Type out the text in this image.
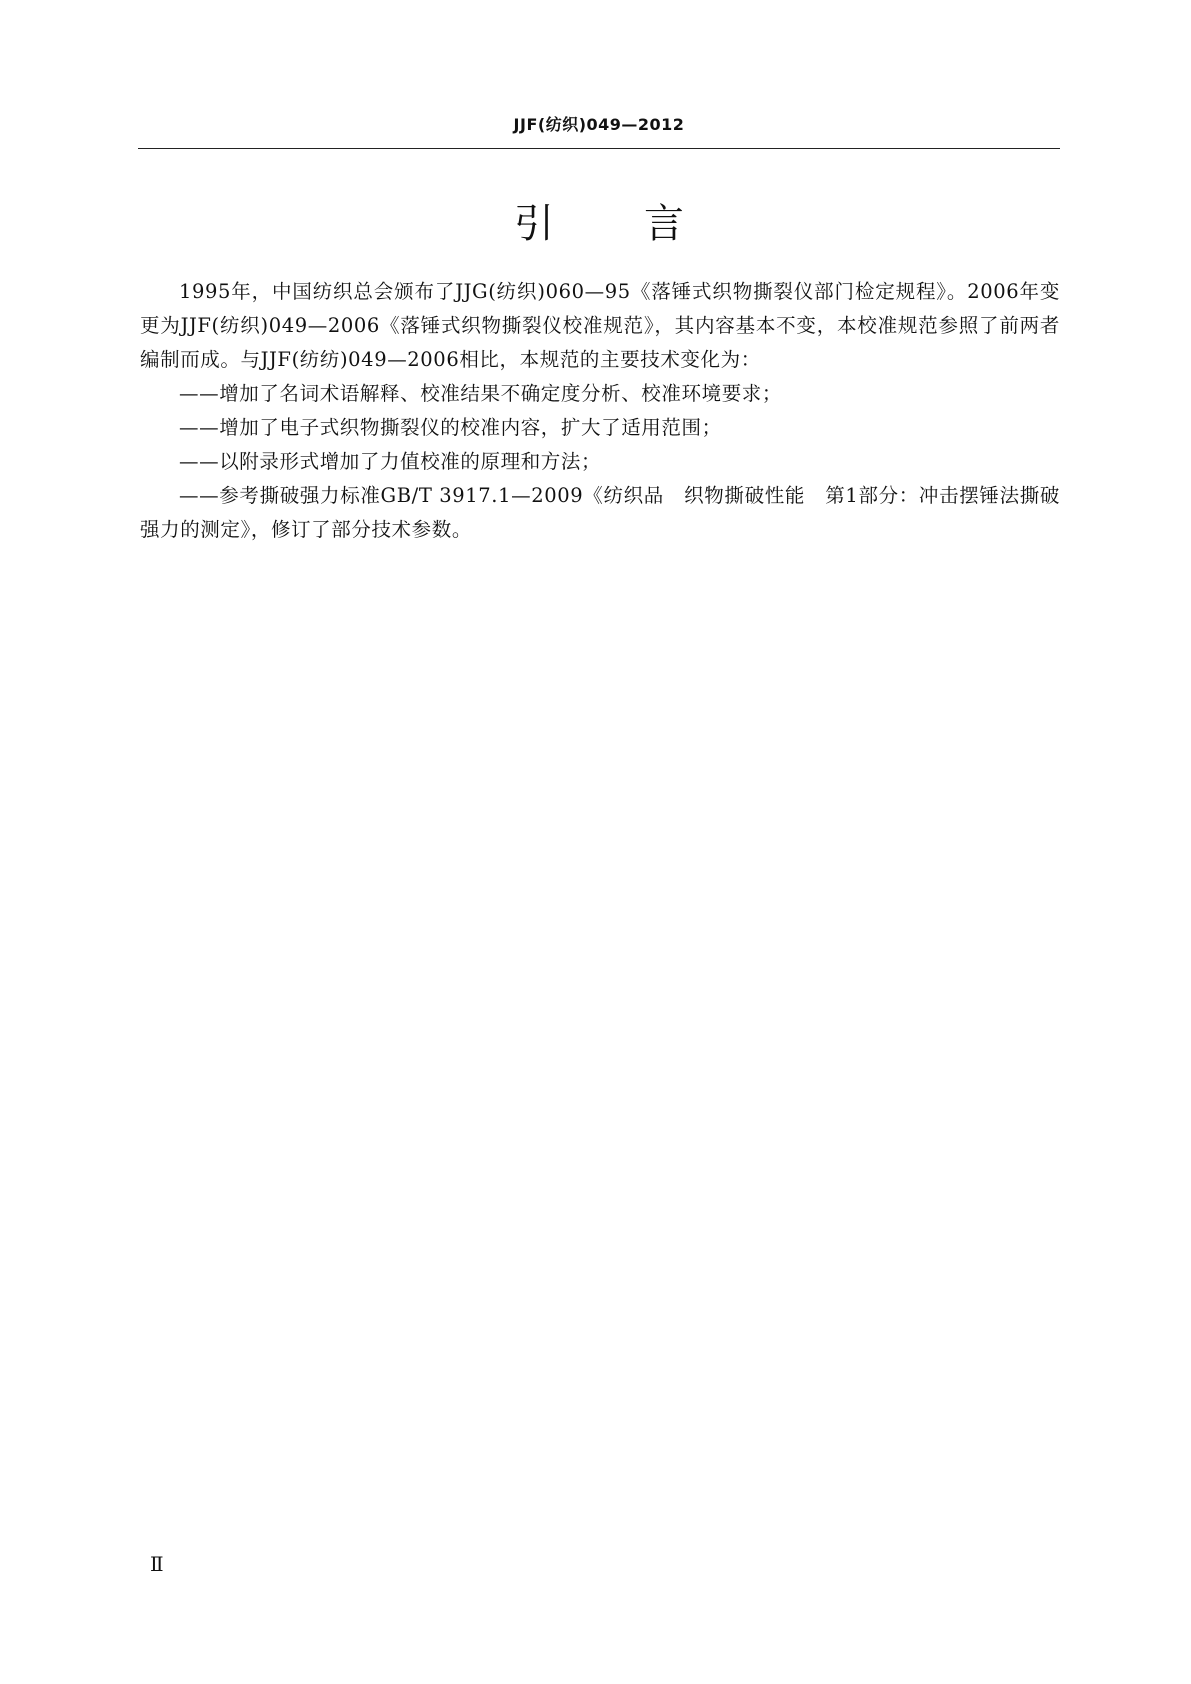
JJF(纺织)049—2012
引言

1995年，中国纺织总会颁布了JJG(纺织)060—95《落锤式织物撕裂仪部门检定规程》。2006年变更为JJF(纺织)049—2006《落锤式织物撕裂仪校准规范》，其内容基本不变，本校准规范参照了前两者编制而成。与JJF(纺纺)049—2006相比，本规范的主要技术变化为：

——增加了名词术语解释、校准结果不确定度分析、校准环境要求；

——增加了电子式织物撕裂仪的校准内容，扩大了适用范围；

——以附录形式增加了力值校准的原理和方法；

——参考撕破强力标准GB/T 3917.1—2009《纺织品　织物撕破性能　第1部分：冲击摆锤法撕破强力的测定》，修订了部分技术参数。

Ⅱ
